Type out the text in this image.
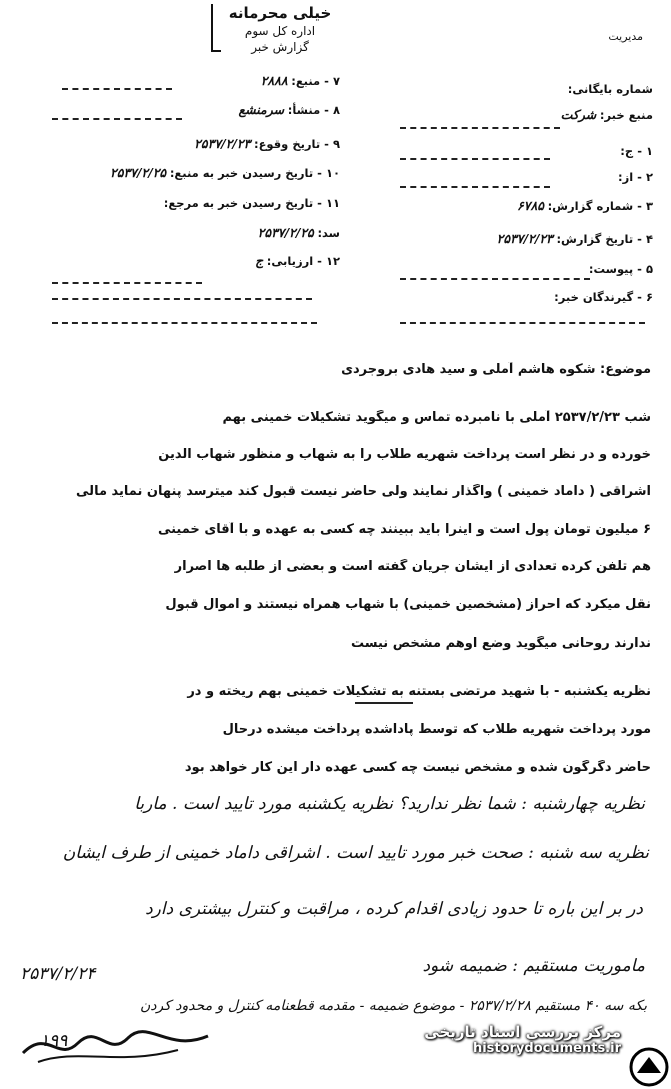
خیلی محرمانه
اداره کل سوم
گزارش خبر
مدیریت
شماره بایگانی:
منبع خبر: شرکت
۱ - ج:
۲ - از:
۳ - شماره گزارش: ۶۷۸۵
۴ - تاریخ گزارش: ۲۵۳۷/۲/۲۳
۵ - پیوست:
۶ - گیرندگان خبر:
۷ - منبع: ۲۸۸۸
۸ - منشأ: سرمنشع
۹ - تاریخ وقوع: ۲۵۳۷/۲/۲۳
۱۰ - تاریخ رسیدن خبر به منبع: ۲۵۳۷/۲/۲۵
۱۱ - تاریخ رسیدن خبر به مرجع:
سد: ۲۵۳۷/۲/۲۵
۱۲ - ارزیابی: ج
موضوع: شکوه هاشم آملی و سید هادی بروجردی
شب ۲۵۳۷/۲/۲۳ آملی با نامبرده تماس و میگوید تشکیلات خمینی بهم
خورده و در نظر است پرداخت شهریه طلاب را به شهاب و منظور شهاب الدین
اشراقی ( داماد خمینی ) واگذار نمایند ولی حاضر نیست قبول کند میترسد پنهان نماید مالی
۶ میلیون تومان پول است و اینرا باید ببینند چه کسی به عهده و با آقای خمینی
هم تلفن کرده تعدادی از ایشان جریان گفته است و بعضی از طلبه ها اصرار
نقل میکرد که احراز (مشخصین خمینی) با شهاب همراه نیستند و اموال قبول
ندارند روحانی میگوید وضع اوهم مشخص نیست
نظریه یکشنبه - با شهید مرتضی بستنه به تشکیلات خمینی بهم ریخته و در
مورد پرداخت شهریه طلاب که توسط پاداشده پرداخت میشده درحال
حاضر دگرگون شده و مشخص نیست چه کسی عهده دار این کار خواهد بود
نظریه چهارشنبه : شما نظر ندارید؟ نظریه یکشنبه مورد تایید است . ماربا
نظریه سه شنبه : صحت خبر مورد تایید است . اشراقی داماد خمینی از طرف ایشان
در بر این باره تا حدود زیادی اقدام کرده ، مراقبت و کنترل بیشتری دارد
ماموریت مستقیم : ضمیمه شود
۲۵۳۷/۲/۲۴
بکه سه ۴۰ مستقیم ۲۵۳۷/۲/۲۸ - موضوع ضمیمه - مقدمه قطعنامه کنترل و محدود کردن
۱۹۹	مرکز بررسی اسناد تاریخی
historydocuments.ir
